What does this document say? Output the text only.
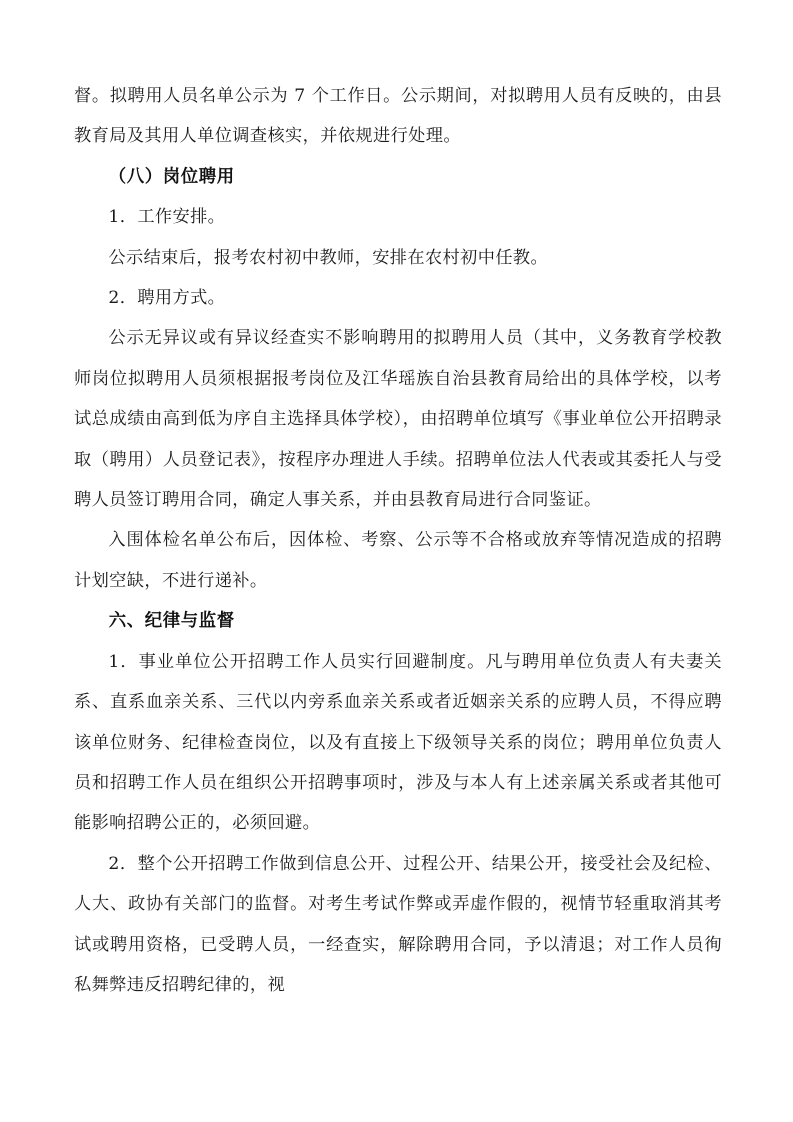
督。拟聘用人员名单公示为 7 个工作日。公示期间，对拟聘用人员有反映的，由县教育局及其用人单位调查核实，并依规进行处理。

（八）岗位聘用

1．工作安排。

公示结束后，报考农村初中教师，安排在农村初中任教。

2．聘用方式。

公示无异议或有异议经查实不影响聘用的拟聘用人员（其中，义务教育学校教师岗位拟聘用人员须根据报考岗位及江华瑶族自治县教育局给出的具体学校，以考试总成绩由高到低为序自主选择具体学校），由招聘单位填写《事业单位公开招聘录取（聘用）人员登记表》，按程序办理进人手续。招聘单位法人代表或其委托人与受聘人员签订聘用合同，确定人事关系，并由县教育局进行合同鉴证。

入围体检名单公布后，因体检、考察、公示等不合格或放弃等情况造成的招聘计划空缺，不进行递补。

六、纪律与监督

1．事业单位公开招聘工作人员实行回避制度。凡与聘用单位负责人有夫妻关系、直系血亲关系、三代以内旁系血亲关系或者近姻亲关系的应聘人员，不得应聘该单位财务、纪律检查岗位，以及有直接上下级领导关系的岗位；聘用单位负责人员和招聘工作人员在组织公开招聘事项时，涉及与本人有上述亲属关系或者其他可能影响招聘公正的，必须回避。

2．整个公开招聘工作做到信息公开、过程公开、结果公开，接受社会及纪检、人大、政协有关部门的监督。对考生考试作弊或弄虚作假的，视情节轻重取消其考试或聘用资格，已受聘人员，一经查实，解除聘用合同，予以清退；对工作人员徇私舞弊违反招聘纪律的，视
